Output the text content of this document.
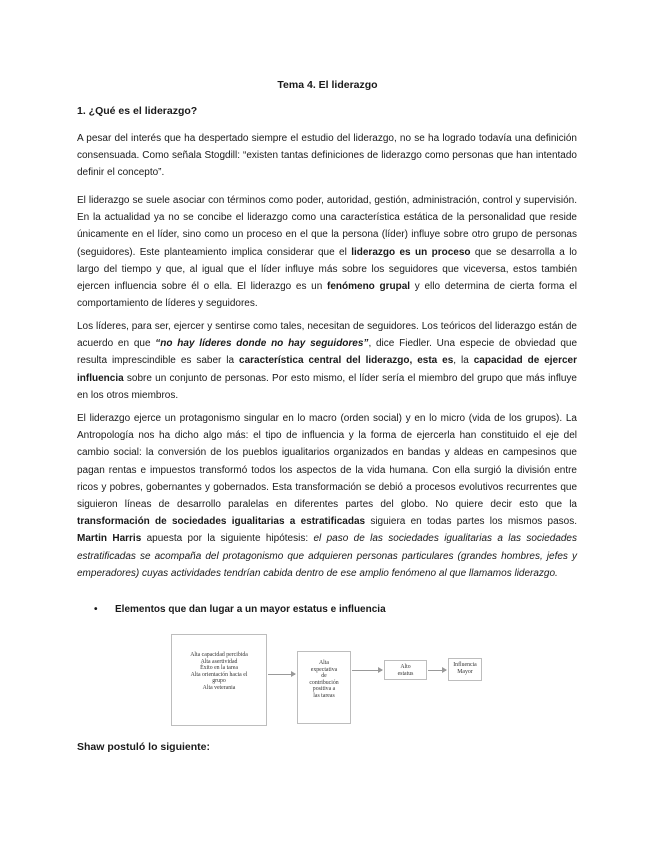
Tema 4. El liderazgo
1. ¿Qué es el liderazgo?

A pesar del interés que ha despertado siempre el estudio del liderazgo, no se ha logrado todavía una definición consensuada. Como señala Stogdill: “existen tantas definiciones de liderazgo como personas que han intentado definir el concepto”.

El liderazgo se suele asociar con términos como poder, autoridad, gestión, administración, control y supervisión. En la actualidad ya no se concibe el liderazgo como una característica estática de la personalidad que reside únicamente en el líder, sino como un proceso en el que la persona (líder) influye sobre otro grupo de personas (seguidores). Este planteamiento implica considerar que el liderazgo es un proceso que se desarrolla a lo largo del tiempo y que, al igual que el líder influye más sobre los seguidores que viceversa, estos también ejercen influencia sobre él o ella. El liderazgo es un fenómeno grupal y ello determina de cierta forma el comportamiento de líderes y seguidores.

Los líderes, para ser, ejercer y sentirse como tales, necesitan de seguidores. Los teóricos del liderazgo están de acuerdo en que “no hay líderes donde no hay seguidores”, dice Fiedler. Una especie de obviedad que resulta imprescindible es saber la característica central del liderazgo, esta es, la capacidad de ejercer influencia sobre un conjunto de personas. Por esto mismo, el líder sería el miembro del grupo que más influye en los otros miembros.

El liderazgo ejerce un protagonismo singular en lo macro (orden social) y en lo micro (vida de los grupos). La Antropología nos ha dicho algo más: el tipo de influencia y la forma de ejercerla han constituido el eje del cambio social: la conversión de los pueblos igualitarios organizados en bandas y aldeas en campesinos que pagan rentas e impuestos transformó todos los aspectos de la vida humana. Con ella surgió la división entre ricos y pobres, gobernantes y gobernados. Esta transformación se debió a procesos evolutivos recurrentes que siguieron líneas de desarrollo paralelas en diferentes partes del globo. No quiere decir esto que la transformación de sociedades igualitarias a estratificadas siguiera en todas partes los mismos pasos. Martin Harris apuesta por la siguiente hipótesis: el paso de las sociedades igualitarias a las sociedades estratificadas se acompaña del protagonismo que adquieren personas particulares (grandes hombres, jefes y emperadores) cuyas actividades tendrían cabida dentro de ese amplio fenómeno al que llamamos liderazgo.

• Elementos que dan lugar a un mayor estatus e influencia
Alta capacidad percibida
Alta asertividad
Éxito en la tarea
Alta orientación hacia el
grupo
Alta veterania
Alta
expectativa
de
contribución
positiva a
las tareas
Alto
estatus
Influencia
Mayor
Shaw postuló lo siguiente:
